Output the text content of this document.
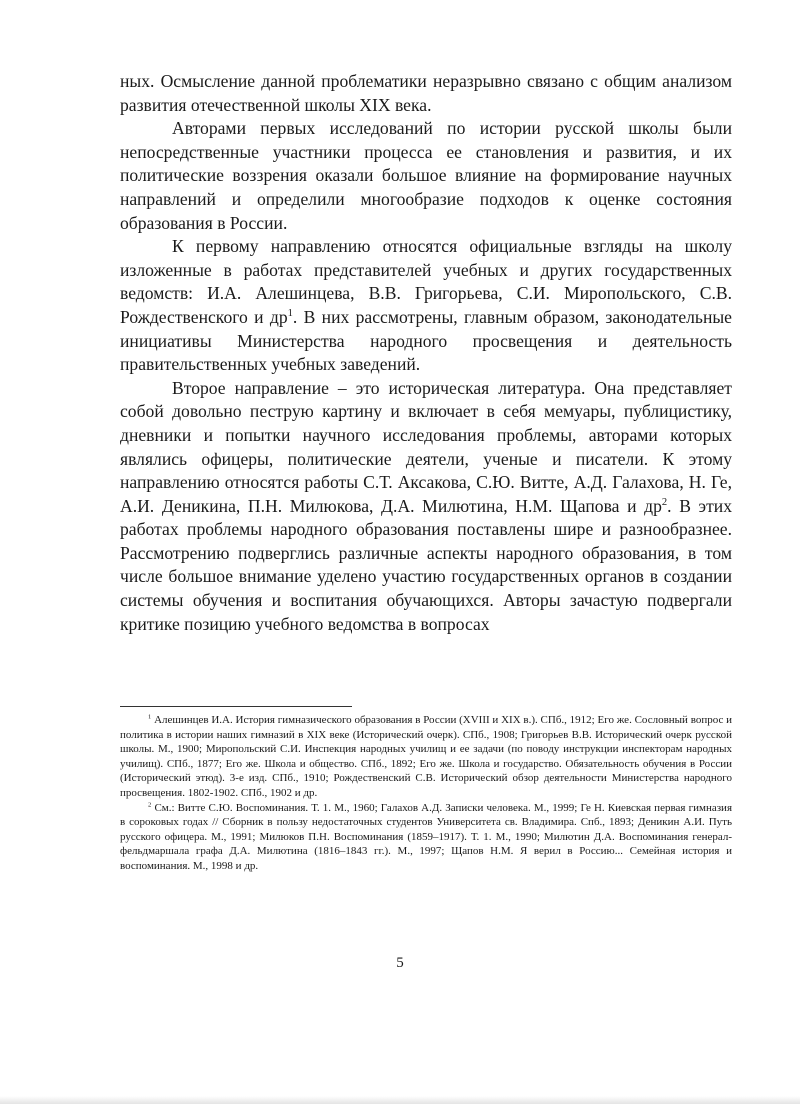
ных. Осмысление данной проблематики неразрывно связано с общим анализом развития отечественной школы XIX века.

Авторами первых исследований по истории русской школы были непосредственные участники процесса ее становления и развития, и их политические воззрения оказали большое влияние на формирование научных направлений и определили многообразие подходов к оценке состояния образования в России.

К первому направлению относятся официальные взгляды на школу изложенные в работах представителей учебных и других государственных ведомств: И.А. Алешинцева, В.В. Григорьева, С.И. Миропольского, С.В. Рождественского и $др^1$. В них рассмотрены, главным образом, законодательные инициативы Министерства народного просвещения и деятельность правительственных учебных заведений.

Второе направление – это историческая литература. Она представляет собой довольно пеструю картину и включает в себя мемуары, публицистику, дневники и попытки научного исследования проблемы, авторами которых являлись офицеры, политические деятели, ученые и писатели. К этому направлению относятся работы С.Т. Аксакова, С.Ю. Витте, А.Д. Галахова, Н. Ге, А.И. Деникина, П.Н. Милюкова, Д.А. Милютина, Н.М. Щапова и $др^2$. В этих работах проблемы народного образования поставлены шире и разнообразнее. Рассмотрению подверглись различные аспекты народного образования, в том числе большое внимание уделено участию государственных органов в создании системы обучения и воспитания обучающихся. Авторы зачастую подвергали критике позицию учебного ведомства в вопросах

$^1$ Алешинцев И.А. История гимназического образования в России (XVIII и XIX в.). СПб., 1912; Его же. Сословный вопрос и политика в истории наших гимназий в XIX веке (Исторический очерк). СПб., 1908; Григорьев В.В. Исторический очерк русской школы. М., 1900; Миропольский С.И. Инспекция народных училищ и ее задачи (по поводу инструкции инспекторам народных училищ). СПб., 1877; Его же. Школа и общество. СПб., 1892; Его же. Школа и государство. Обязательность обучения в России (Исторический этюд). 3-е изд. СПб., 1910; Рождественский С.В. Исторический обзор деятельности Министерства народного просвещения. 1802-1902. СПб., 1902 и др.

$^2$ См.: Витте С.Ю. Воспоминания. Т. 1. М., 1960; Галахов А.Д. Записки человека. М., 1999; Ге Н. Киевская первая гимназия в сороковых годах // Сборник в пользу недостаточных студентов Университета св. Владимира. Спб., 1893; Деникин А.И. Путь русского офицера. М., 1991; Милюков П.Н. Воспоминания (1859–1917). Т. 1. М., 1990; Милютин Д.А. Воспоминания генерал-фельдмаршала графа Д.А. Милютина (1816–1843 гг.). М., 1997; Щапов Н.М. Я верил в Россию... Семейная история и воспоминания. М., 1998 и др.

5
